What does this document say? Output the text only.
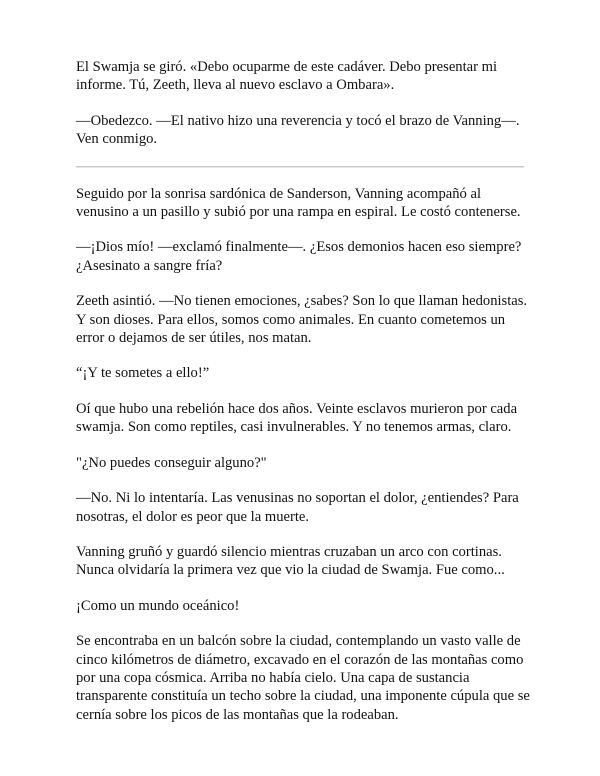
El Swamja se giró. «Debo ocuparme de este cadáver. Debo presentar mi informe. Tú, Zeeth, lleva al nuevo esclavo a Ombara».

—Obedezco. —El nativo hizo una reverencia y tocó el brazo de Vanning—. Ven conmigo.

Seguido por la sonrisa sardónica de Sanderson, Vanning acompañó al venusino a un pasillo y subió por una rampa en espiral. Le costó contenerse.

—¡Dios mío! —exclamó finalmente—. ¿Esos demonios hacen eso siempre? ¿Asesinato a sangre fría?

Zeeth asintió. —No tienen emociones, ¿sabes? Son lo que llaman hedonistas. Y son dioses. Para ellos, somos como animales. En cuanto cometemos un error o dejamos de ser útiles, nos matan.

“¡Y te sometes a ello!”

Oí que hubo una rebelión hace dos años. Veinte esclavos murieron por cada swamja. Son como reptiles, casi invulnerables. Y no tenemos armas, claro.

"¿No puedes conseguir alguno?"

—No. Ni lo intentaría. Las venusinas no soportan el dolor, ¿entiendes? Para nosotras, el dolor es peor que la muerte.

Vanning gruñó y guardó silencio mientras cruzaban un arco con cortinas. Nunca olvidaría la primera vez que vio la ciudad de Swamja. Fue como...

¡Como un mundo oceánico!

Se encontraba en un balcón sobre la ciudad, contemplando un vasto valle de cinco kilómetros de diámetro, excavado en el corazón de las montañas como por una copa cósmica. Arriba no había cielo. Una capa de sustancia transparente constituía un techo sobre la ciudad, una imponente cúpula que se cernía sobre los picos de las montañas que la rodeaban.
